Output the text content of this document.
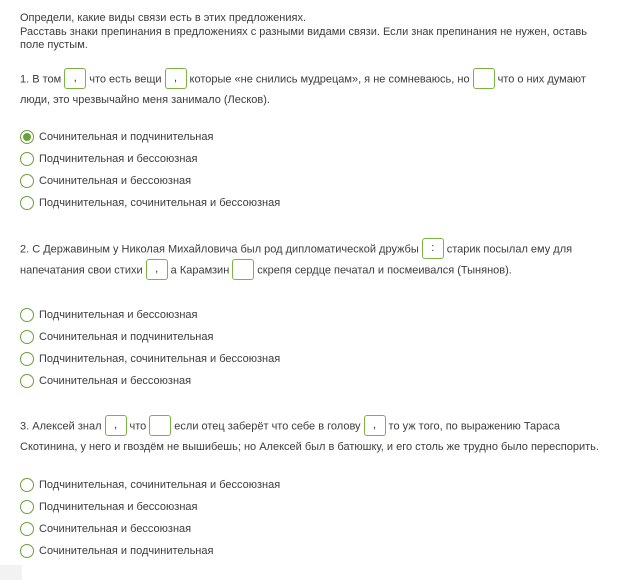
Определи, какие виды связи есть в этих предложениях.
Расставь знаки препинания в предложениях с разными видами связи. Если знак препинания не нужен, оставь поле пустым.
1. В том , что есть вещи , которые «не снились мудрецам», я не сомневаюсь, но	что о них думают люди, это чрезвычайно меня занимало (Лесков).
Сочинительная и подчинительная
Подчинительная и бессоюзная
Сочинительная и бессоюзная
Подчинительная, сочинительная и бессоюзная
2. С Державиным у Николая Михайловича был род дипломатической дружбы : старик посылал ему для напечатания свои стихи , а Карамзин	скрепя сердце печатал и посмеивался (Тынянов).
Подчинительная и бессоюзная
Сочинительная и подчинительная
Подчинительная, сочинительная и бессоюзная
Сочинительная и бессоюзная
3. Алексей знал , что	если отец заберёт что себе в голову , то уж того, по выражению Тараса Скотинина, у него и гвоздём не вышибешь; но Алексей был в батюшку, и его столь же трудно было переспорить.
Подчинительная, сочинительная и бессоюзная
Подчинительная и бессоюзная
Сочинительная и бессоюзная
Сочинительная и подчинительная
